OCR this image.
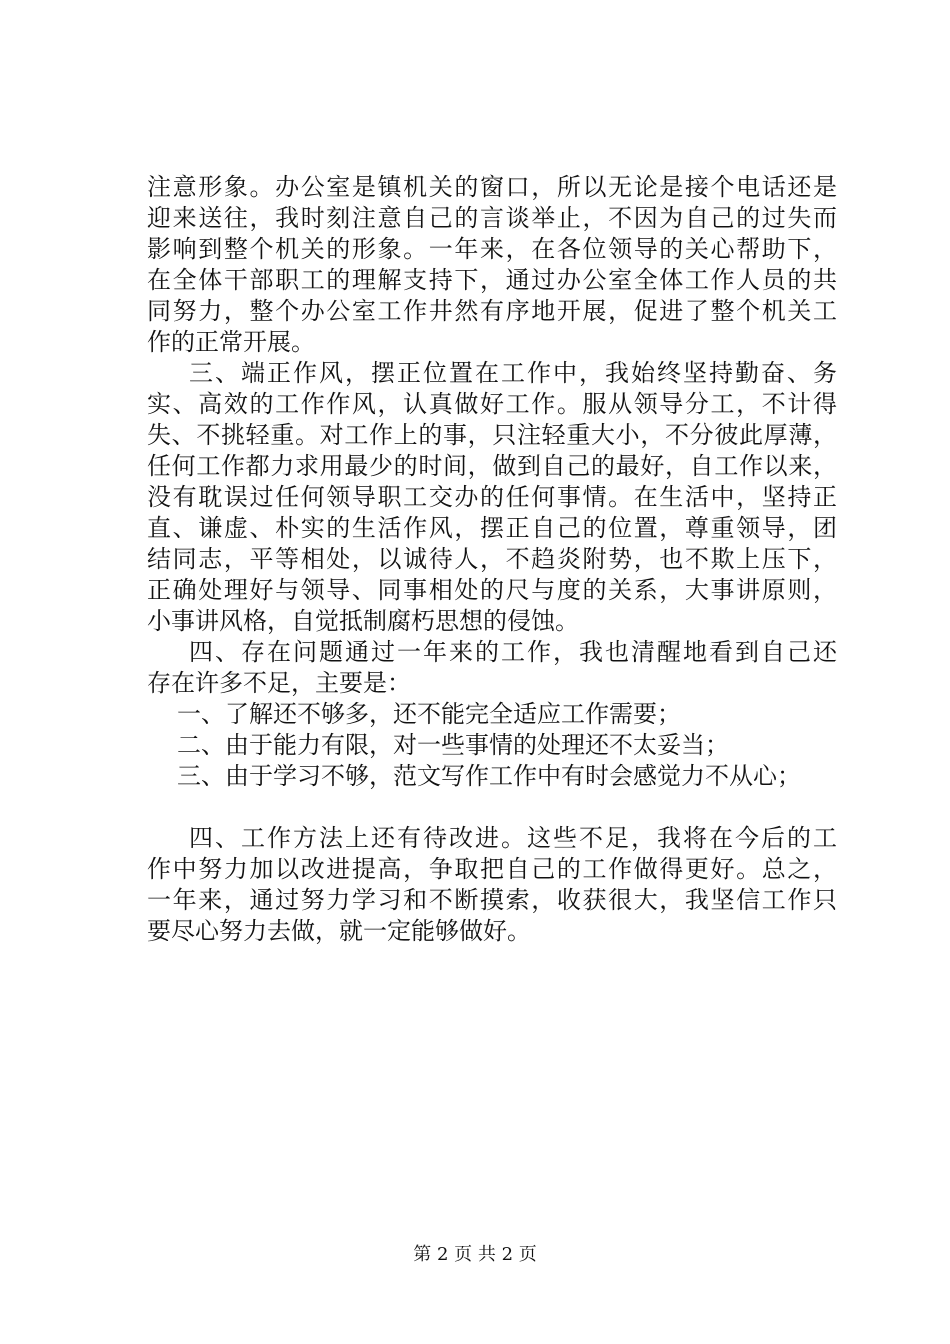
注意形象。办公室是镇机关的窗口，所以无论是接个电话还是
迎来送往，我时刻注意自己的言谈举止，不因为自己的过失而
影响到整个机关的形象。一年来，在各位领导的关心帮助下，
在全体干部职工的理解支持下，通过办公室全体工作人员的共
同努力，整个办公室工作井然有序地开展，促进了整个机关工
作的正常开展。
三、端正作风，摆正位置在工作中，我始终坚持勤奋、务
实、高效的工作作风，认真做好工作。服从领导分工，不计得
失、不挑轻重。对工作上的事，只注轻重大小，不分彼此厚薄，
任何工作都力求用最少的时间，做到自己的最好，自工作以来，
没有耽误过任何领导职工交办的任何事情。在生活中，坚持正
直、谦虚、朴实的生活作风，摆正自己的位置，尊重领导，团
结同志，平等相处，以诚待人，不趋炎附势，也不欺上压下，
正确处理好与领导、同事相处的尺与度的关系，大事讲原则，
小事讲风格，自觉抵制腐朽思想的侵蚀。
四、存在问题通过一年来的工作，我也清醒地看到自己还
存在许多不足，主要是：
一、了解还不够多，还不能完全适应工作需要；
二、由于能力有限，对一些事情的处理还不太妥当；
三、由于学习不够，范文写作工作中有时会感觉力不从心；
四、工作方法上还有待改进。这些不足，我将在今后的工
作中努力加以改进提高，争取把自己的工作做得更好。总之，
一年来，通过努力学习和不断摸索，收获很大，我坚信工作只
要尽心努力去做，就一定能够做好。
第 2 页 共 2 页
